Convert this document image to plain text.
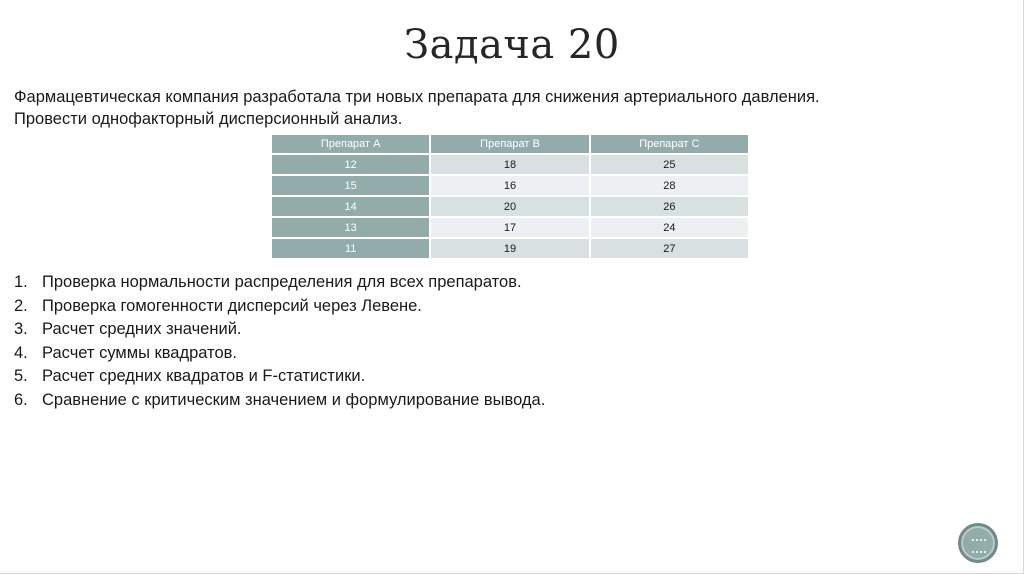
Задача 20
Фармацевтическая компания разработала три новых препарата для снижения артериального давления.
Провести однофакторный дисперсионный анализ.
Препарат A	Препарат B	Препарат C
12	18	25
15	16	28
14	20	26
13	17	24
11	19	27
1. Проверка нормальности распределения для всех препаратов.
2. Проверка гомогенности дисперсий через Левене.
3. Расчет средних значений.
4. Расчет суммы квадратов.
5. Расчет средних квадратов и F-статистики.
6. Сравнение с критическим значением и формулирование вывода.
